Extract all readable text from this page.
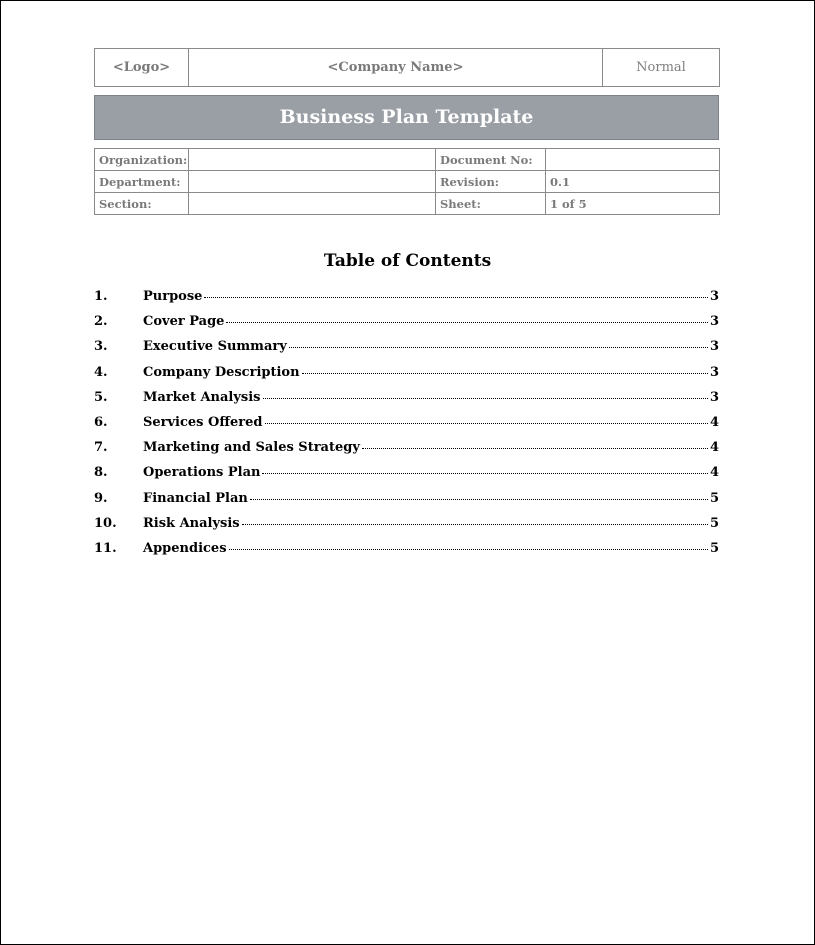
<Logo>	<Company Name>	Normal
Business Plan Template
Organization:		Document No:	
Department:		Revision:	0.1
Section:		Sheet:	1 of 5
Table of Contents
1.	Purpose	3
2.	Cover Page	3
3.	Executive Summary	3
4.	Company Description	3
5.	Market Analysis	3
6.	Services Offered	4
7.	Marketing and Sales Strategy	4
8.	Operations Plan	4
9.	Financial Plan	5
10.	Risk Analysis	5
11.	Appendices	5
